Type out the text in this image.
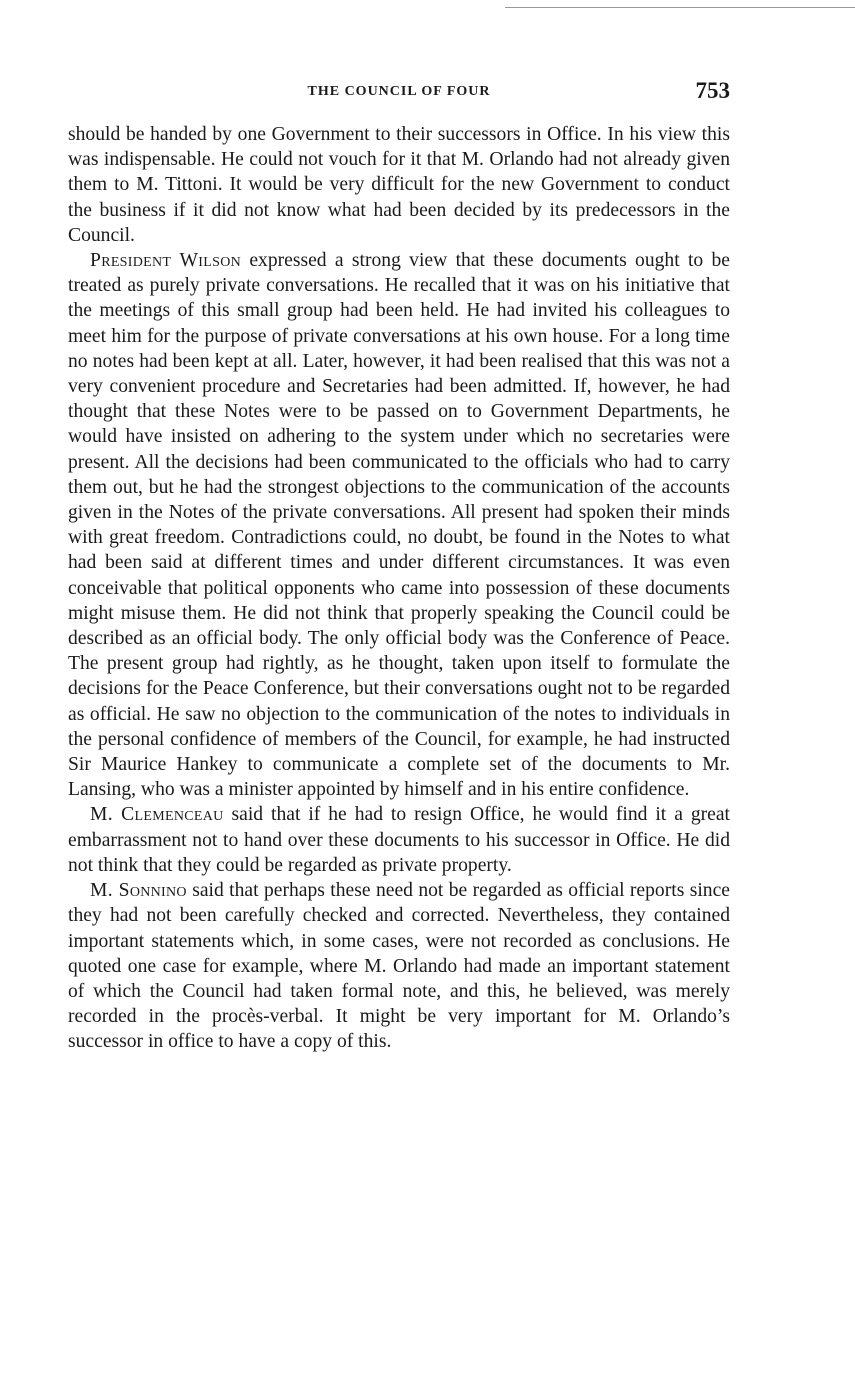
THE COUNCIL OF FOUR	753

should be handed by one Government to their successors in Office. In his view this was indispensable. He could not vouch for it that M. Orlando had not already given them to M. Tittoni. It would be very difficult for the new Government to conduct the business if it did not know what had been decided by its predecessors in the Council.

President Wilson expressed a strong view that these documents ought to be treated as purely private conversations. He recalled that it was on his initiative that the meetings of this small group had been held. He had invited his colleagues to meet him for the purpose of private conversations at his own house. For a long time no notes had been kept at all. Later, however, it had been realised that this was not a very convenient procedure and Secretaries had been admitted. If, however, he had thought that these Notes were to be passed on to Government Departments, he would have insisted on adhering to the system under which no secretaries were present. All the decisions had been communicated to the officials who had to carry them out, but he had the strongest objections to the communication of the accounts given in the Notes of the private conversations. All present had spoken their minds with great freedom. Contradictions could, no doubt, be found in the Notes to what had been said at different times and under different circumstances. It was even conceivable that political opponents who came into possession of these documents might misuse them. He did not think that properly speaking the Council could be described as an official body. The only official body was the Conference of Peace. The present group had rightly, as he thought, taken upon itself to formulate the decisions for the Peace Conference, but their conversations ought not to be regarded as official. He saw no objection to the communication of the notes to individuals in the personal confidence of members of the Council, for example, he had instructed Sir Maurice Hankey to communicate a complete set of the documents to Mr. Lansing, who was a minister appointed by himself and in his entire confidence.

M. Clemenceau said that if he had to resign Office, he would find it a great embarrassment not to hand over these documents to his successor in Office. He did not think that they could be regarded as private property.

M. Sonnino said that perhaps these need not be regarded as official reports since they had not been carefully checked and corrected. Nevertheless, they contained important statements which, in some cases, were not recorded as conclusions. He quoted one case for example, where M. Orlando had made an important statement of which the Council had taken formal note, and this, he believed, was merely recorded in the procès-verbal. It might be very important for M. Orlando’s successor in office to have a copy of this.
